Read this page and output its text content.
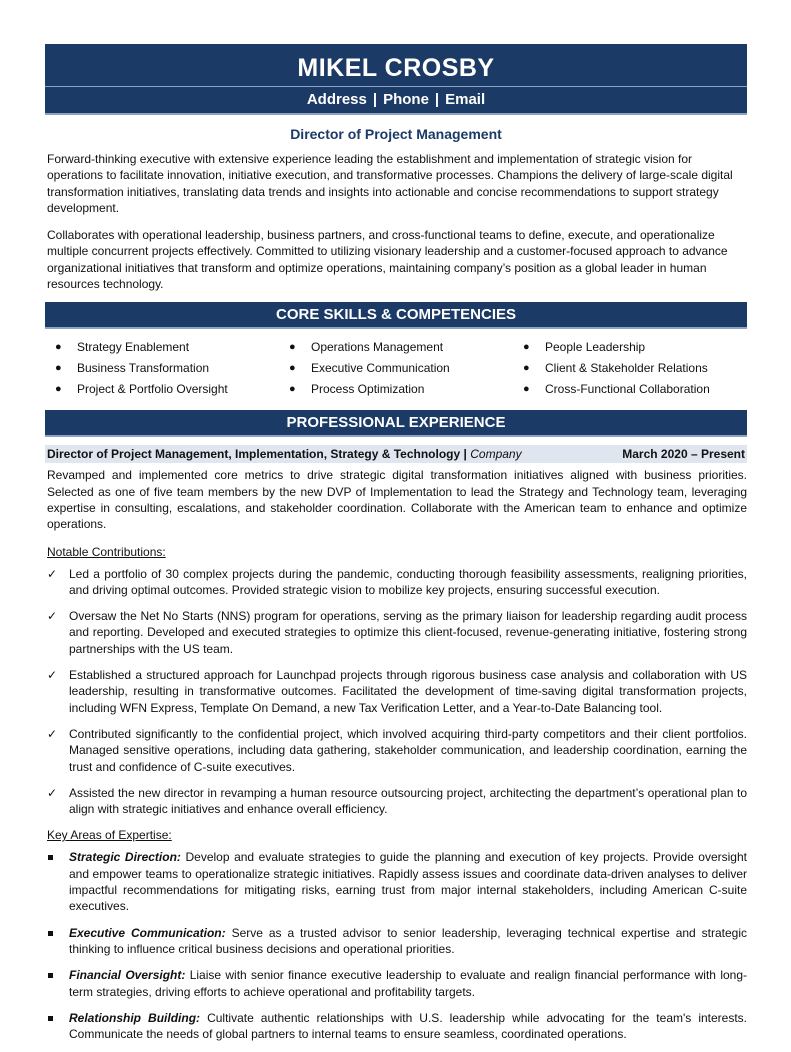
MIKEL CROSBY
Address | Phone | Email
Director of Project Management

Forward-thinking executive with extensive experience leading the establishment and implementation of strategic vision for operations to facilitate innovation, initiative execution, and transformative processes. Champions the delivery of large-scale digital transformation initiatives, translating data trends and insights into actionable and concise recommendations to support strategy development.

Collaborates with operational leadership, business partners, and cross-functional teams to define, execute, and operationalize multiple concurrent projects effectively. Committed to utilizing visionary leadership and a customer-focused approach to advance organizational initiatives that transform and optimize operations, maintaining company’s position as a global leader in human resources technology.

CORE SKILLS & COMPETENCIES
● Strategy Enablement
● Business Transformation
● Project & Portfolio Oversight
● Operations Management
● Executive Communication
● Process Optimization
● People Leadership
● Client & Stakeholder Relations
● Cross-Functional Collaboration
PROFESSIONAL EXPERIENCE
Director of Project Management, Implementation, Strategy & Technology | Company	March 2020 – Present

Revamped and implemented core metrics to drive strategic digital transformation initiatives aligned with business priorities. Selected as one of five team members by the new DVP of Implementation to lead the Strategy and Technology team, leveraging expertise in consulting, escalations, and stakeholder coordination. Collaborate with the American team to enhance and optimize operations.

Notable Contributions:
✓ Led a portfolio of 30 complex projects during the pandemic, conducting thorough feasibility assessments, realigning priorities, and driving optimal outcomes. Provided strategic vision to mobilize key projects, ensuring successful execution.
✓ Oversaw the Net No Starts (NNS) program for operations, serving as the primary liaison for leadership regarding audit process and reporting. Developed and executed strategies to optimize this client-focused, revenue-generating initiative, fostering strong partnerships with the US team.
✓ Established a structured approach for Launchpad projects through rigorous business case analysis and collaboration with US leadership, resulting in transformative outcomes. Facilitated the development of time-saving digital transformation projects, including WFN Express, Template On Demand, a new Tax Verification Letter, and a Year-to-Date Balancing tool.
✓ Contributed significantly to the confidential project, which involved acquiring third-party competitors and their client portfolios. Managed sensitive operations, including data gathering, stakeholder communication, and leadership coordination, earning the trust and confidence of C-suite executives.
✓ Assisted the new director in revamping a human resource outsourcing project, architecting the department’s operational plan to align with strategic initiatives and enhance overall efficiency.
Key Areas of Expertise:
Strategic Direction: Develop and evaluate strategies to guide the planning and execution of key projects. Provide oversight and empower teams to operationalize strategic initiatives. Rapidly assess issues and coordinate data-driven analyses to deliver impactful recommendations for mitigating risks, earning trust from major internal stakeholders, including American C-suite executives.
Executive Communication: Serve as a trusted advisor to senior leadership, leveraging technical expertise and strategic thinking to influence critical business decisions and operational priorities.
Financial Oversight: Liaise with senior finance executive leadership to evaluate and realign financial performance with long-term strategies, driving efforts to achieve operational and profitability targets.
Relationship Building: Cultivate authentic relationships with U.S. leadership while advocating for the team's interests. Communicate the needs of global partners to internal teams to ensure seamless, coordinated operations.
